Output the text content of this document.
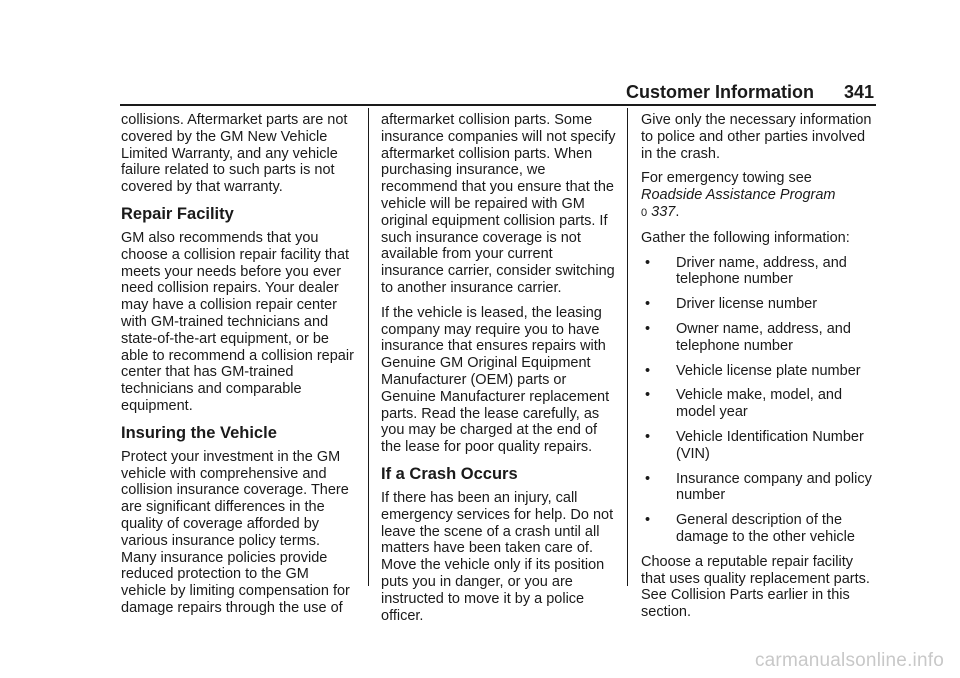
Customer Information 341

collisions. Aftermarket parts are not covered by the GM New Vehicle Limited Warranty, and any vehicle failure related to such parts is not covered by that warranty.

Repair Facility

GM also recommends that you choose a collision repair facility that meets your needs before you ever need collision repairs. Your dealer may have a collision repair center with GM-trained technicians and state-of-the-art equipment, or be able to recommend a collision repair center that has GM-trained technicians and comparable equipment.

Insuring the Vehicle

Protect your investment in the GM vehicle with comprehensive and collision insurance coverage. There are significant differences in the quality of coverage afforded by various insurance policy terms. Many insurance policies provide reduced protection to the GM vehicle by limiting compensation for damage repairs through the use of

aftermarket collision parts. Some insurance companies will not specify aftermarket collision parts. When purchasing insurance, we recommend that you ensure that the vehicle will be repaired with GM original equipment collision parts. If such insurance coverage is not available from your current insurance carrier, consider switching to another insurance carrier.

If the vehicle is leased, the leasing company may require you to have insurance that ensures repairs with Genuine GM Original Equipment Manufacturer (OEM) parts or Genuine Manufacturer replacement parts. Read the lease carefully, as you may be charged at the end of the lease for poor quality repairs.

If a Crash Occurs

If there has been an injury, call emergency services for help. Do not leave the scene of a crash until all matters have been taken care of. Move the vehicle only if its position puts you in danger, or you are instructed to move it by a police officer.

Give only the necessary information to police and other parties involved in the crash.

For emergency towing see
Roadside Assistance Program
0 337.

Gather the following information:

• Driver name, address, and telephone number
• Driver license number
• Owner name, address, and telephone number
• Vehicle license plate number
• Vehicle make, model, and model year
• Vehicle Identification Number (VIN)
• Insurance company and policy number
• General description of the damage to the other vehicle

Choose a reputable repair facility that uses quality replacement parts. See Collision Parts earlier in this section.

carmanualsonline.info
